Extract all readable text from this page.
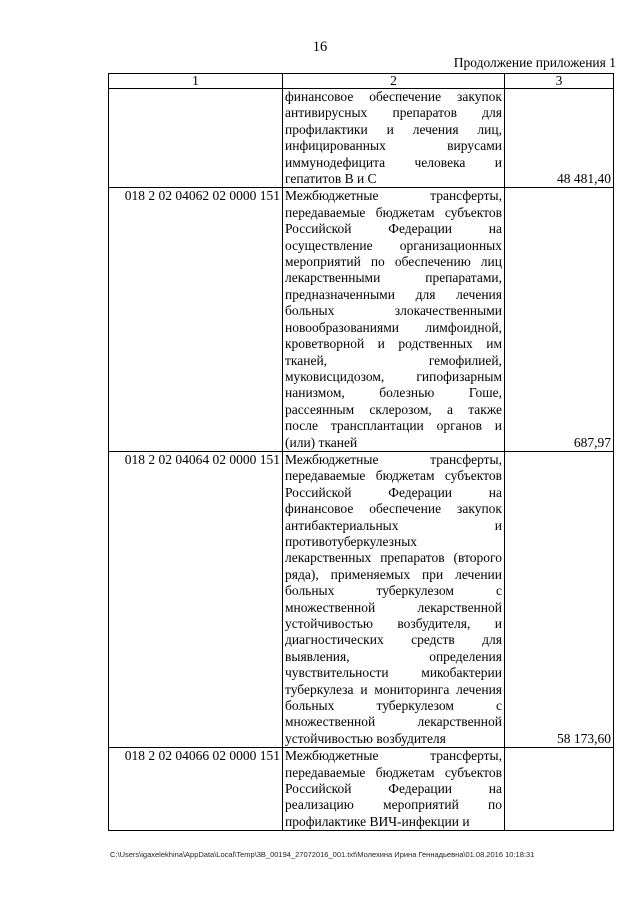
16
Продолжение приложения 1
1	2	3
	финансовое обеспечение закупок антивирусных препаратов для профилактики и лечения лиц, инфицированных вирусами иммунодефицита человека и гепатитов В и С	48 481,40
018 2 02 04062 02 0000 151	Межбюджетные трансферты, передаваемые бюджетам субъектов Российской Федерации на осуществление организационных мероприятий по обеспечению лиц лекарственными препаратами, предназначенными для лечения больных злокачественными новообразованиями лимфоидной, кроветворной и родственных им тканей, гемофилией, муковисцидозом, гипофизарным нанизмом, болезнью Гоше, рассеянным склерозом, а также после трансплантации органов и (или) тканей	687,97
018 2 02 04064 02 0000 151	Межбюджетные трансферты, передаваемые бюджетам субъектов Российской Федерации на финансовое обеспечение закупок антибактериальных и противотуберкулезных лекарственных препаратов (второго ряда), применяемых при лечении больных туберкулезом с множественной лекарственной устойчивостью возбудителя, и диагностических средств для выявления, определения чувствительности микобактерии туберкулеза и мониторинга лечения больных туберкулезом с множественной лекарственной устойчивостью возбудителя	58 173,60
018 2 02 04066 02 0000 151	Межбюджетные трансферты, передаваемые бюджетам субъектов Российской Федерации на реализацию мероприятий по профилактике ВИЧ-инфекции и	
C:\Users\igaxelekhina\AppData\Local\Temp\3B_00194_27072016_001.txt\Молехина Ирина Геннадьевна\01.08.2016 10:18:31
